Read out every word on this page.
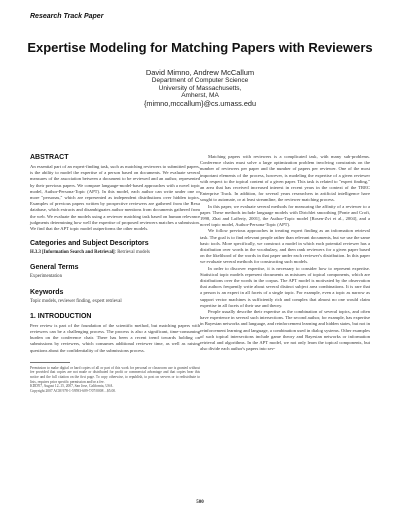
Research Track Paper
Expertise Modeling for Matching Papers with Reviewers
David Mimno, Andrew McCallum
Department of Computer Science
University of Massachusetts,
Amherst, MA
{mimno,mccallum}@cs.umass.edu
ABSTRACT

An essential part of an expert-finding task, such as matching reviewers to submitted papers, is the ability to model the expertise of a person based on documents. We evaluate several measures of the association between a document to be reviewed and an author, represented by their previous papers. We compare language-model-based approaches with a novel topic model, Author-Persona-Topic (APT). In this model, each author can write under one or more "personas," which are represented as independent distributions over hidden topics. Examples of previous papers written by prospective reviewers are gathered from the Rexa database, which extracts and disambiguates author mentions from documents gathered from the web. We evaluate the models using a reviewer matching task based on human relevance judgments determining how well the expertise of proposed reviewers matches a submission. We find that the APT topic model outperforms the other models.

Categories and Subject Descriptors

H.3.3 [Information Search and Retrieval]: Retrieval models

General Terms

Experimentation

Keywords

Topic models, reviewer finding, expert retrieval

1. INTRODUCTION

Peer review is part of the foundation of the scientific method, but matching papers with reviewers can be a challenging process. The process is also a significant, time-consuming burden on the conference chair. There has been a recent trend towards holding on submissions by reviewers, which consumes additional reviewer time, as well as raising questions about the confidentiality of the submissions process.

Permission to make digital or hard copies of all or part of this work for personal or classroom use is granted without fee provided that copies are not made or distributed for profit or commercial advantage and that copies bear this notice and the full citation on the first page. To copy otherwise, to republish, to post on servers or to redistribute to lists, requires prior specific permission and/or a fee.

KDD'07, August 12–15, 2007, San Jose, California, USA.

Copyright 2007 ACM 978-1-59593-609-7/07/0008 ...$5.00.

Matching papers with reviewers is a complicated task, with many sub-problems. Conference chairs must solve a large optimization problem involving constraints on the number of reviewers per paper and the number of papers per reviewer. One of the most important elements of the process, however, is modeling the expertise of a given reviewer with respect to the topical content of a given paper. This task is related to "expert finding," an area that has received increased interest in recent years in the context of the TREC Enterprise Track. In addition, for several years researchers in artificial intelligence have sought to automate, or at least streamline, the reviewer matching process.

In this paper, we evaluate several methods for measuring the affinity of a reviewer to a paper. These methods include language models with Dirichlet smoothing [Ponte and Croft, 1998, Zhai and Lafferty, 2001], the Author-Topic model [Rosen-Zvi et al., 2004], and a novel topic model, Author-Persona-Topic (APT).

We follow previous approaches in treating expert finding as an information retrieval task. The goal is to find relevant people rather than relevant documents, but we use the same basic tools. More specifically, we construct a model in which each potential reviewer has a distribution over words in the vocabulary, and then rank reviewers for a given paper based on the likelihood of the words in that paper under each reviewer's distribution. In this paper we evaluate several methods for constructing such models.

In order to discover expertise, it is necessary to consider how to represent expertise. Statistical topic models represent documents as mixtures of topical components, which are distributions over the words in the corpus. The APT model is motivated by the observation that authors frequently write about several distinct subject area combinations. It is rare that a person is an expert in all facets of a single topic. For example, even a topic as narrow as support vector machines is sufficiently rich and complex that almost no one would claim expertise in all facets of their use and theory.

People usually describe their expertise as the combination of several topics, and often have experience in several such intersections. The second author, for example, has expertise in Bayesian networks and language, and reinforcement learning and hidden states, but not in reinforcement learning and language, a combination used in dialog systems. Other examples of such topical intersections include game theory and Bayesian networks or information retrieval and algorithms. In the APT model, we not only learn the topical components, but also divide each author's papers into sev-

500
